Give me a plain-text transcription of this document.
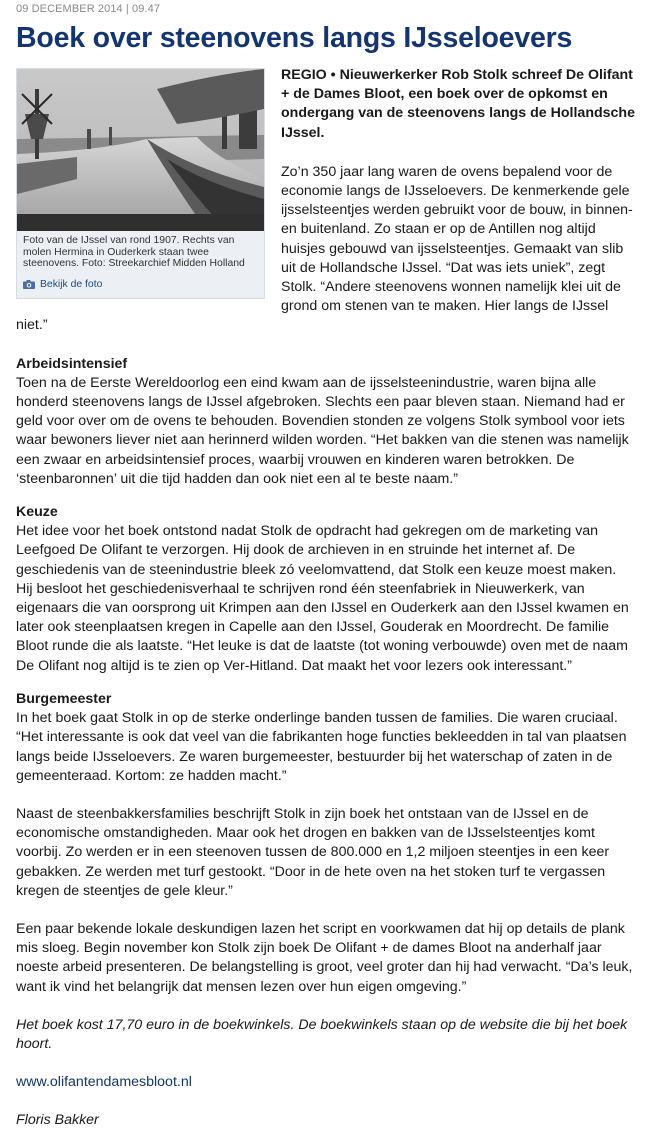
09 DECEMBER 2014 | 09.47
Boek over steenovens langs IJsseloevers
Foto van de IJssel van rond 1907. Rechts van molen Hermina in Ouderkerk staan twee steenovens. Foto: Streekarchief Midden Holland
Bekijk de foto

REGIO • Nieuwerkerker Rob Stolk schreef De Olifant + de Dames Bloot, een boek over de opkomst en ondergang van de steenovens langs de Hollandsche IJssel.

Zo’n 350 jaar lang waren de ovens bepalend voor de economie langs de IJsseloevers. De kenmerkende gele ijsselsteentjes werden gebruikt voor de bouw, in binnen- en buitenland. Zo staan er op de Antillen nog altijd huisjes gebouwd van ijsselsteentjes. Gemaakt van slib uit de Hollandsche IJssel. “Dat was iets uniek”, zegt Stolk. “Andere steenovens wonnen namelijk klei uit de grond om stenen van te maken. Hier langs de IJssel niet.”

Arbeidsintensief

Toen na de Eerste Wereldoorlog een eind kwam aan de ijsselsteenindustrie, waren bijna alle honderd steenovens langs de IJssel afgebroken. Slechts een paar bleven staan. Niemand had er geld voor over om de ovens te behouden. Bovendien stonden ze volgens Stolk symbool voor iets waar bewoners liever niet aan herinnerd wilden worden. “Het bakken van die stenen was namelijk een zwaar en arbeidsintensief proces, waarbij vrouwen en kinderen waren betrokken. De ‘steenbaronnen’ uit die tijd hadden dan ook niet een al te beste naam.”

Keuze

Het idee voor het boek ontstond nadat Stolk de opdracht had gekregen om de marketing van Leefgoed De Olifant te verzorgen. Hij dook de archieven in en struinde het internet af. De geschiedenis van de steenindustrie bleek zó veelomvattend, dat Stolk een keuze moest maken. Hij besloot het geschiedenisverhaal te schrijven rond één steenfabriek in Nieuwerkerk, van eigenaars die van oorsprong uit Krimpen aan den IJssel en Ouderkerk aan den IJssel kwamen en later ook steenplaatsen kregen in Capelle aan den IJssel, Gouderak en Moordrecht. De familie Bloot runde die als laatste. “Het leuke is dat de laatste (tot woning verbouwde) oven met de naam De Olifant nog altijd is te zien op Ver-Hitland. Dat maakt het voor lezers ook interessant.”

Burgemeester

In het boek gaat Stolk in op de sterke onderlinge banden tussen de families. Die waren cruciaal. “Het interessante is ook dat veel van die fabrikanten hoge functies bekleedden in tal van plaatsen langs beide IJsseloevers. Ze waren burgemeester, bestuurder bij het waterschap of zaten in de gemeenteraad. Kortom: ze hadden macht.”

Naast de steenbakkersfamilies beschrijft Stolk in zijn boek het ontstaan van de IJssel en de economische omstandigheden. Maar ook het drogen en bakken van de IJsselsteentjes komt voorbij. Zo werden er in een steenoven tussen de 800.000 en 1,2 miljoen steentjes in een keer gebakken. Ze werden met turf gestookt. “Door in de hete oven na het stoken turf te vergassen kregen de steentjes de gele kleur.”

Een paar bekende lokale deskundigen lazen het script en voorkwamen dat hij op details de plank mis sloeg. Begin november kon Stolk zijn boek De Olifant + de dames Bloot na anderhalf jaar noeste arbeid presenteren. De belangstelling is groot, veel groter dan hij had verwacht. “Da’s leuk, want ik vind het belangrijk dat mensen lezen over hun eigen omgeving.”

Het boek kost 17,70 euro in de boekwinkels. De boekwinkels staan op de website die bij het boek hoort.

www.olifantendamesbloot.nl

Floris Bakker
